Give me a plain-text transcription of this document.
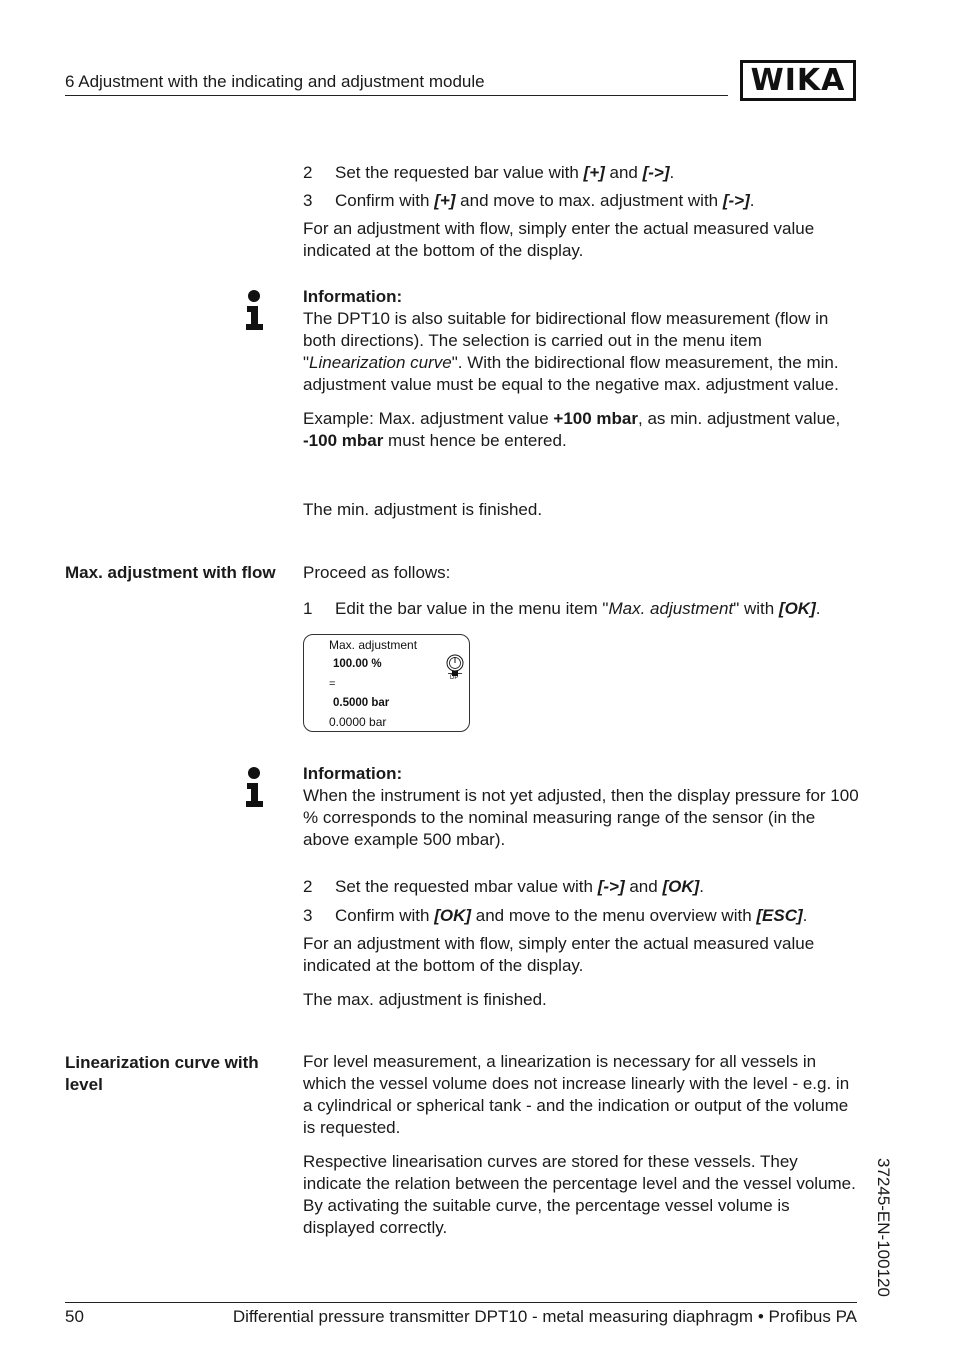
6 Adjustment with the indicating and adjustment module	WIKA
2 Set the requested bar value with [+] and [->].
3 Confirm with [+] and move to max. adjustment with [->].
For an adjustment with flow, simply enter the actual measured value indicated at the bottom of the display.
Information:
The DPT10 is also suitable for bidirectional flow measurement (flow in both directions). The selection is carried out in the menu item "Linearization curve". With the bidirectional flow measurement, the min. adjustment value must be equal to the negative max. adjustment value.
Example: Max. adjustment value +100 mbar, as min. adjustment value, -100 mbar must hence be entered.
The min. adjustment is finished.
Max. adjustment with flow	Proceed as follows:
1 Edit the bar value in the menu item "Max. adjustment" with [OK].
Max. adjustment
100.00 %
=
0.5000 bar
0.0000 bar
DP
Information:
When the instrument is not yet adjusted, then the display pressure for 100 % corresponds to the nominal measuring range of the sensor (in the above example 500 mbar).
2 Set the requested mbar value with [->] and [OK].
3 Confirm with [OK] and move to the menu overview with [ESC].
For an adjustment with flow, simply enter the actual measured value indicated at the bottom of the display.
The max. adjustment is finished.
Linearization curve with level
For level measurement, a linearization is necessary for all vessels in which the vessel volume does not increase linearly with the level - e.g. in a cylindrical or spherical tank - and the indication or output of the volume is requested.
Respective linearisation curves are stored for these vessels. They indicate the relation between the percentage level and the vessel volume. By activating the suitable curve, the percentage vessel volume is displayed correctly.	37245-EN-100120
50	Differential pressure transmitter DPT10 - metal measuring diaphragm • Profibus PA
